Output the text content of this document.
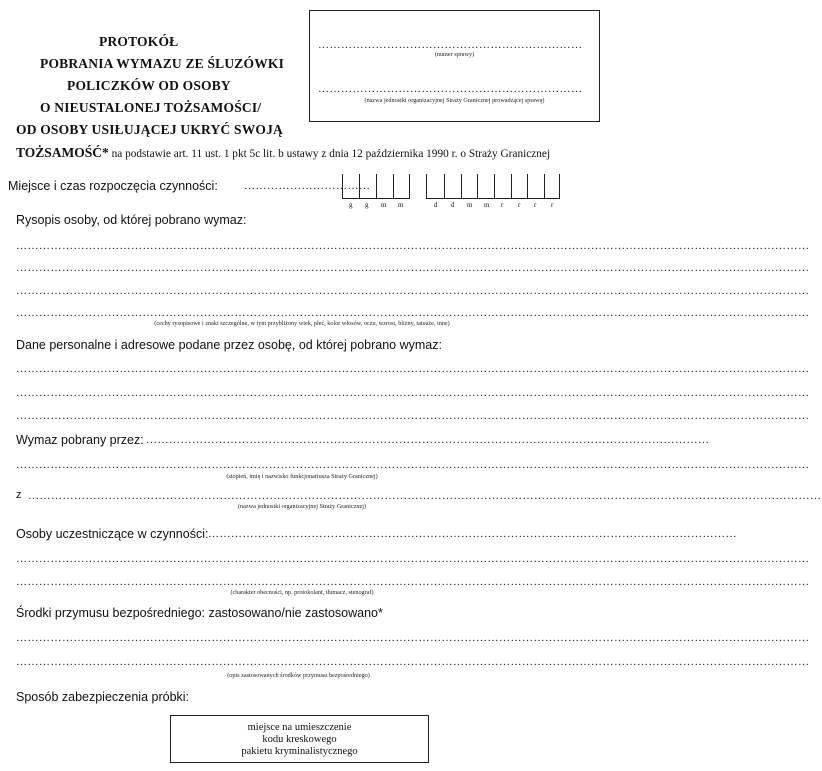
PROTOKÓŁ
POBRANIA WYMAZU ZE ŚLUZÓWKI
POLICZKÓW OD OSOBY
O NIEUSTALONEJ TOŻSAMOŚCI/
OD OSOBY USIŁUJĄCEJ UKRYĆ SWOJĄ
TOŻSAMOŚĆ* na podstawie art. 11 ust. 1 pkt 5c lit. b ustawy z dnia 12 października 1990 r. o Straży Granicznej
……………………………………………………………
(numer sprawy)
……………………………………………………………
(nazwa jednostki organizacyjnej Straży Granicznej prowadzącej sprawę)
Miejsce i czas rozpoczęcia czynności: ……………………………
g g m m	d d m m r r r r
Rysopis osoby, od której pobrano wymaz:
………………………………………………………………………………………………………………………………………………………………………………………
………………………………………………………………………………………………………………………………………………………………………………………
………………………………………………………………………………………………………………………………………………………………………………………
………………………………………………………………………………………………………………………………………………………………………………………
(cechy rysopisowe i znaki szczególne, w tym przybliżony wiek, płeć, kolor włosów, oczu, wzrost, blizny, tatuaże, inne)
Dane personalne i adresowe podane przez osobę, od której pobrano wymaz:
………………………………………………………………………………………………………………………………………………………………………………………
………………………………………………………………………………………………………………………………………………………………………………………
………………………………………………………………………………………………………………………………………………………………………………………
Wymaz pobrany przez: …………………………………………………………………………………………………………………………………
………………………………………………………………………………………………………………………………………………………………………………………
(stopień, imię i nazwisko funkcjonariusza Straży Granicznej)
z ………………………………………………………………………………………………………………………………………………………………………………………
(nazwa jednostki organizacyjnej Straży Granicznej)
Osoby uczestniczące w czynności: …………………………………………………………………………………………………………………………
………………………………………………………………………………………………………………………………………………………………………………………
………………………………………………………………………………………………………………………………………………………………………………………
(charakter obecności, np. protokolant, tłumacz, stenograf)
Środki przymusu bezpośredniego: zastosowano/nie zastosowano*
………………………………………………………………………………………………………………………………………………………………………………………
………………………………………………………………………………………………………………………………………………………………………………………
(opis zastosowanych środków przymusu bezpośredniego)
Sposób zabezpieczenia próbki:
miejsce na umieszczenie
kodu kreskowego
pakietu kryminalistycznego
